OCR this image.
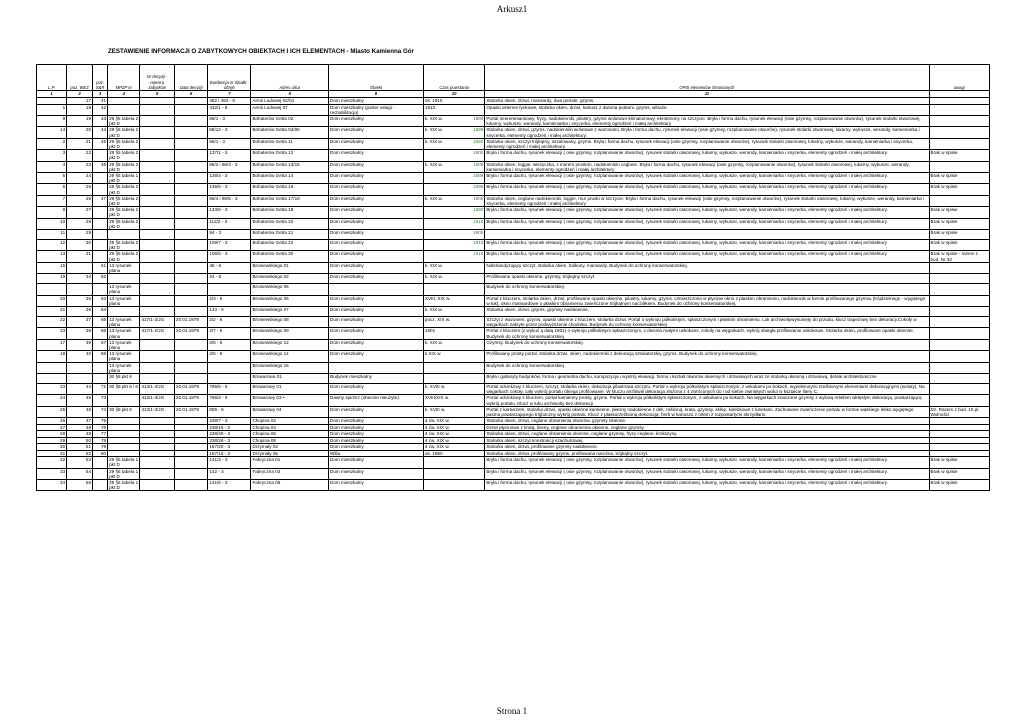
Arkusz1
ZESTAWIENIE INFORMACJI O ZABYTKOWYCH OBIEKTACH I ICH ELEMENTACH - Miasto Kamienna Gór
L.P.	poz. WEZ	poz. S&R	MPZP nr	Nr decyzji - rejestru zabytków	Data decyzji	Ewidencja nr działki - obręb	Adres ulica	Obiekt	Czas powstania	OPIS elementów chronionych	uwagi
1	2	3	4	5	6	7	8	9	10	11	
	17	41				452 i 453 - 6	Armii Ludowej 02/04	Dom mieszkalny	ok. 1915	Stolarka okien, drzwi, mansardy, dwa portale, gzyms.	
1	18	42				432/1 - 6	Armii Ludowej 07	Dom mieszkalny (parter usługi - rechabilitacja)	1913	Opaski okienne fynkowe, stolarka okien, drzwi, kartusz z dwoma puttami, gzyms, witraże.	
9	19	43	29 §5 tabela 2 pkt D			68/1 - 3	Bohaterów Getta 02	Dom mieszkalny	k. XIX w. 1860	Portal neorenesansowy, fryzy, nadokienniki, pilastry, gzyms wolutowo-klimationowy, ekrotenony na szczycie. Bryła i forma dachu, rysunek elewacji (osie gzymsy, rozplanowanie otworów), rysunek stolarki otworowej, lukarny, wykusze, werandy, kamieniarka i snycerka, elementy ogrodzeń i małej architektury	
14	20	44	29 §5 tabela 2 pkt D			68/14 - 3	Bohaterów Getta 04/06	Dom mieszkalny	k. XIX w. 1899	Stolarka okien, drzwi, gzyms, nadokienniki wolutowe z wazonami. Bryła i forma dachu, rysunek elewacji (osie gzymsy, rozplanowanie otworów), rysunek stolarki otworowej, lukarny, wykusze, werandy, kamieniarka i snycerka, elementy ogrodzeń i małej architektury.	
2	21	45	29 §5 tabela 2 pkt D			96/1 - 3	Bohaterów Getta 11	Dom mieszkalny	k. XIX w. 1892	Stolarka okien, szczyt trójkątny, oszalowany, gzyms. Bryła i forma dachu, rysunek elewacji (osie gzymsy, rozplanowanie otworów), rysunek stolarki otworowej, lukarny, wykusze, werandy, kamieniarka i snycerka, elementy ogrodzeń i małej architektury.	
3	22		29 §5 tabela 2 pkt D			137/1 - 3	Bohaterów Getta 12	Dom mieszkalny	1900	Bryła i forma dachu, rysunek elewacji ( osie gzymsy, rozplanowanie otworów), rysunek stolarki otworowej, lukarny, wykusze, werandy, kamieniarka i snycerka, elementy ogrodzeń i małej architektury.	Brak w spisie
4	23	46	29 §5 tabela 2 pkt D			96/2 i 96/3 - 3	Bohaterów Getta 13/15	Dom mieszkalny	k. XIX w. 1905	Stolarka okien, loggie, wieżyczka, z murem pruskim, nadokienniki ceglane. Bryła i forma dachu, rysunek elewacji (osie gzymsy, rozplanowanie otworów), rysunek stolarki otworowej, lukarny, wykusze, werandy, kamieniarka i snycerka, elementy ogrodzeń i małej architektury	
5	24		29 §5 tabela 1 pkt D			136/4 - 3	Bohaterów Getta 14	Dom mieszkalny	1889	Bryła i forma dachu, rysunek elewacji ( osie gzymsy, rozplanowanie otworów), rysunek stolarki otworowej, lukarny, wykusze, werandy, kamieniarka i snycerka, elementy ogrodzeń i małej architektury.	Brak w spisie
6	25		29 §5 tabela 2 pkt D			136/6 - 3	Bohaterów Getta 16	Dom mieszkalny	1899	Bryła i forma dachu, rysunek elewacji ( osie gzymsy, rozplanowanie otworów), rysunek stolarki otworowej, lukarny, wykusze, werandy, kamieniarka i snycerka, elementy ogrodzeń i małej architektury.	Brak w spisie
7	26	47	29 §5 tabela 2 pkt D			96/4 i 96/5 - 3	Bohaterów Getta 17/19	Dom mieszkalny	k. XIX w. 1905	Stolarka okien, ceglane nadokienniki, loggie, mur pruski w szczycie. Bryła i forma dachu, rysunek elewacji (osie gzymsy, rozplanowanie otworów), rysunek stolarki otworowej, lukarny, wykusze, werandy, kamieniarka i snycerka, elementy ogrodzeń i małej architektury	
8	27		29 §5 tabela 2 pkt D			133/6 - 3	Bohaterów Getta 18	Dom mieszkalny	1890	Bryła i forma dachu, rysunek elewacji ( osie gzymsy, rozplanowanie otworów), rysunek stolarki otworowej, lukarny, wykusze, werandy, kamieniarka i snycerka, elementy ogrodzeń i małej architektury.	Brak w spisie
10	28		29 §5 tabela 2 pkt D			112/2 - 3	Bohaterów Getta 20	Dom mieszkalny	1910	Bryła i forma dachu, rysunek elewacji ( osie gzymsy, rozplanowanie otworów), rysunek stolarki otworowej, lukarny, wykusze, werandy, kamieniarka i snycerka, elementy ogrodzeń i małej architektury.	Brak w spisie
11	29					94 - 3	Bohaterów Getta 21	Dom mieszkalny	1905		Brak w spisie
12	30		29 §5 tabela 2 pkt D			109/7 - 3	Bohaterów Getta 22	Dom mieszkalny	1910	Bryła i forma dachu, rysunek elewacji ( osie gzymsy, rozplanowanie otworów), rysunek stolarki otworowej, lukarny, wykusze, werandy, kamieniarka i snycerka, elementy ogrodzeń i małej architektury	Brak w spisie
13	31		29 §5 tabela 2 pkt D			106/5 - 3	Bohaterów Getta 30	Dom mieszkalny	1910	Bryła i forma dachu, rysunek elewacji ( osie gzymsy, rozplanowanie otworów), rysunek stolarki otworowej, lukarny, wykusze, werandy, kamieniarka i snycerka, elementy ogrodzeń i małej architektury	Brak w spisie - razem z bud. Nr 32
15		61	13 rysunek planu			45 - 6	Broniewskiego 01	Dom mieszkalny	k. XIX w.	Niderlandyzujący szczyt, stolarka okien, balkony, mansardy. Budynek do ochrony konserwatorskiej.	
19	34	62				24 - 6	Broniewskiego 02	Dom mieszkalny	k. XIX w.	Profilowane opaski okienne, gzymsy, trójkątny szczyt.	
			13 rysunek planu				Broniewskiego 05			Budynek do ochrony konserwatorskiej.	
20	35	63	13 rysunek planu			2/3 - 6	Broniewskiego 06	Dom mieszkalny	XVIII, XIX w.	Portal z kluczem, stolarka okien, drzwi, profilowane opaski okienne, pilastry, lukarny, gzyms. Umieszczone w płycinie okno z płaskim obramieniu, nadokiennik w formie profilowanego gzymsu (trójdzielnego - wygiętego w łuk), okno mansardowe o płaskim obramieniu zwieńczone trójkątnym naczółkiem. Budynek do ochrony konserwatorskiej.	
21	36	64				143 - 6	Broniewskiego 07	Dom mieszkalny	k. XIX w.	Stolarka okien, drzwi, gzyms, gzymsy nadokienne.	
22	37	65	13 rysunek planu	417/1-2/JG	20.01.1979	2/2 - 6	Broniewskiego 08	Dom mieszkalny	pocz. XIX w.	Szczyt z wazonem, gzyms, opaski okienne z kluczem, stolarka drzwi. Portal o wykroju półkolistym, spłaszczonym i płaskim obramieniu. Luk archiwoltywysunięty do przodu, klucz trapezowy bez dekoracji.Cokoły w węgarkach zakryte przez podwyższenie chodnika. Budynek do ochrony konserwatorskiej	
23	38	66	13 rysunek planu	417/1-2/JG	20.01.1979	2/7 - 6	Broniewskiego 09	Dom mieszkalny	1801	Portal z kluczem (z wykuć ą datą 1801) o wykroju półkolistym spłaszczonym, z dwoma małymi uskokami, cokoły na węgarkach, wykrój obiegła profilowanie uskokowe. Stolarka okien, profilowane opaski okienne. Budynek do ochrony konserwatorskiej.	
17	39	67	13 rysunek planu			2/6 - 6	Broniewskiego 12	Dom mieszkalny	k. XIX w.	Gzymsy. Budynek do ochrony konserwatorskiej.	
18	40	68	13 rysunek planu			2/5 - 6	Broniewskiego 14	Dom mieszkalny	k.XIX w.	Profilowany prosty portal, stolarka drzwi, okien, nadokienniki z dekoracją sztukatorską, gzyms. Budynek do ochrony konserwatorskiej.	
			13 rysunek planu				Broniewskiego 15			Budynek do ochrony konserwatorskiej.	
			30 §8 pkt 6				Browarowa 01	Budynek mieszkalny		Bryła i gabaryty budynków, forma i geometria dachu, kompozycja i wystrój elewacji, forma i kształt otworów okiennych i drzwiowych wraz ze stolarką okienną i drzwiową, detale architektoniczne	
23	44	71	30 §8 pkt 5 i 6	413/1-3/JG	20.01.1979	796/6 - 6	Browarowy 01	Dom mieszkalny	k. XVIII w.	Portal odcinkowy z kluczem, szczyt, stolarka okien, dekoracja pilastrowa szczytu. Portal o wykroju półkolistym spłaszczonym, z uskokami po bokach, wypełnionymi rzeźbionymi elementami dekoracyjnymi (woluty). Na węgarkach cokoły, cały wykrój portalu obiega profilowanie. W kluczu architwili dekoracja złożona z 4 zwróconych do i od siebie zwiniętych wolut w kształcie litery C.	
24	45	73		413/1-3/JG	20.01.1979	796/3 - 6	Browarowy 03 •	Dawny spichrz (obecnie nieużyte).	XVIII/XIX w.	Portal odcinkowy z kluczem, portal kamienny prosty, gzyms. Portal o wykroju półkolistym spłaszczonym, z uskokami po bokach. Na węgarkach znaczone gzymsy z wykutą reliefem wklęsłym dekoracją, powtarzającą wykrój portalu. Klucz w łuku archiwolty bez dekoracji.	
25	46	74	30 §8 pkt 6	413/1-3/JG	20.01.1979	805 - 6	Browarowy 04	Dom mieszkalny	k. XVIII w.	Portal z kartuszem, stolarka drzwi, opaski okienne kamienne, płaciny nadokienne z dek. roślinną, krata, gzymsy, sklep. kolebkowe z lunetami. Zachowane zwieńczenie portalu w formie wąskiego lekko wygiętego pasma powtarzającego trójboczny wykrój portalu. Klucz z płaskorzeźbioną dekoracją: herb w kartuszu z orłem z rozpostartymi skrzydłami.	Dz. Razem z bud. 15 pl. Wolności
26	47	75				238/7 - 3	Chopina 02	Dom mieszkalny	4 ćw. XIX w.	Stolarka okien, drzwi, ceglane obramienia otworów, gzymsy okienne.	
27	48	76				238/16 - 3	Chopina 04	Dom mieszkalny	4 ćw. XIX w.	Drzwi płycinowe z kratą, lizeny, ceglane obramienia okienne, ceglane gzymsy.	
28	49	77				238/29 - 3	Chopina 06	Dom mieszkalny	4 ćw. XIX w.	Stolarka okien, drzwi, ceglane obramienia okienne, ceglane gzymsy, fryzy ceglane, krokszyny.	
29	50	78				238/26 - 3	Chopina 08	Dom mieszkalny	4 ćw. XIX w.	Stolarka okien, szczyt konstrukcji szachulcowej.	
30	51	79				187/20 - 3	Drzymały 02	Dom mieszkalny	4 ćw. XIX w.	Stolarka okien, drzwi, profilowane gzymsy nadokienne.	
31	52	80				187/15 - 3	Drzymały 05	Willa	ok. 1890	Stolarka okien, drzwi, profilowany gzyms, profilowana narożna, trójkątny szczyt.	
32	53		29 §5 tabela 1 pkt D			141/3 - 3	Fabryczna 01	Dom mieszkalny		Bryła i forma dachu, rysunek elewacji ( osie gzymsy, rozplanowanie otworów), rysunek stolarki otworowej, lukarny, wykusze, werandy, kamieniarka i snycerka, elementy ogrodzeń i małej architektury.	Brak w spisie
33	54		29 §5 tabela 1 pkt D			142 - 3	Fabryczna 03	Dom mieszkalny		Bryła i forma dachu, rysunek elewacji ( osie gzymsy, rozplanowanie otworów), rysunek stolarki otworowej, lukarny, wykusze, werandy, kamieniarka i snycerka, elementy ogrodzeń i małej architektury.	Brak w spisie
34	56		29 §5 tabela 1 pkt D			141/6 - 3	Fabryczna 05	Dom mieszkalny		Bryła i forma dachu, rysunek elewacji ( osie gzymsy, rozplanowanie otworów), rysunek stolarki otworowej, lukarny, wykusze, werandy, kamieniarka i snycerka, elementy ogrodzeń i małej architektury.	Brak w spisie
Strona 1
